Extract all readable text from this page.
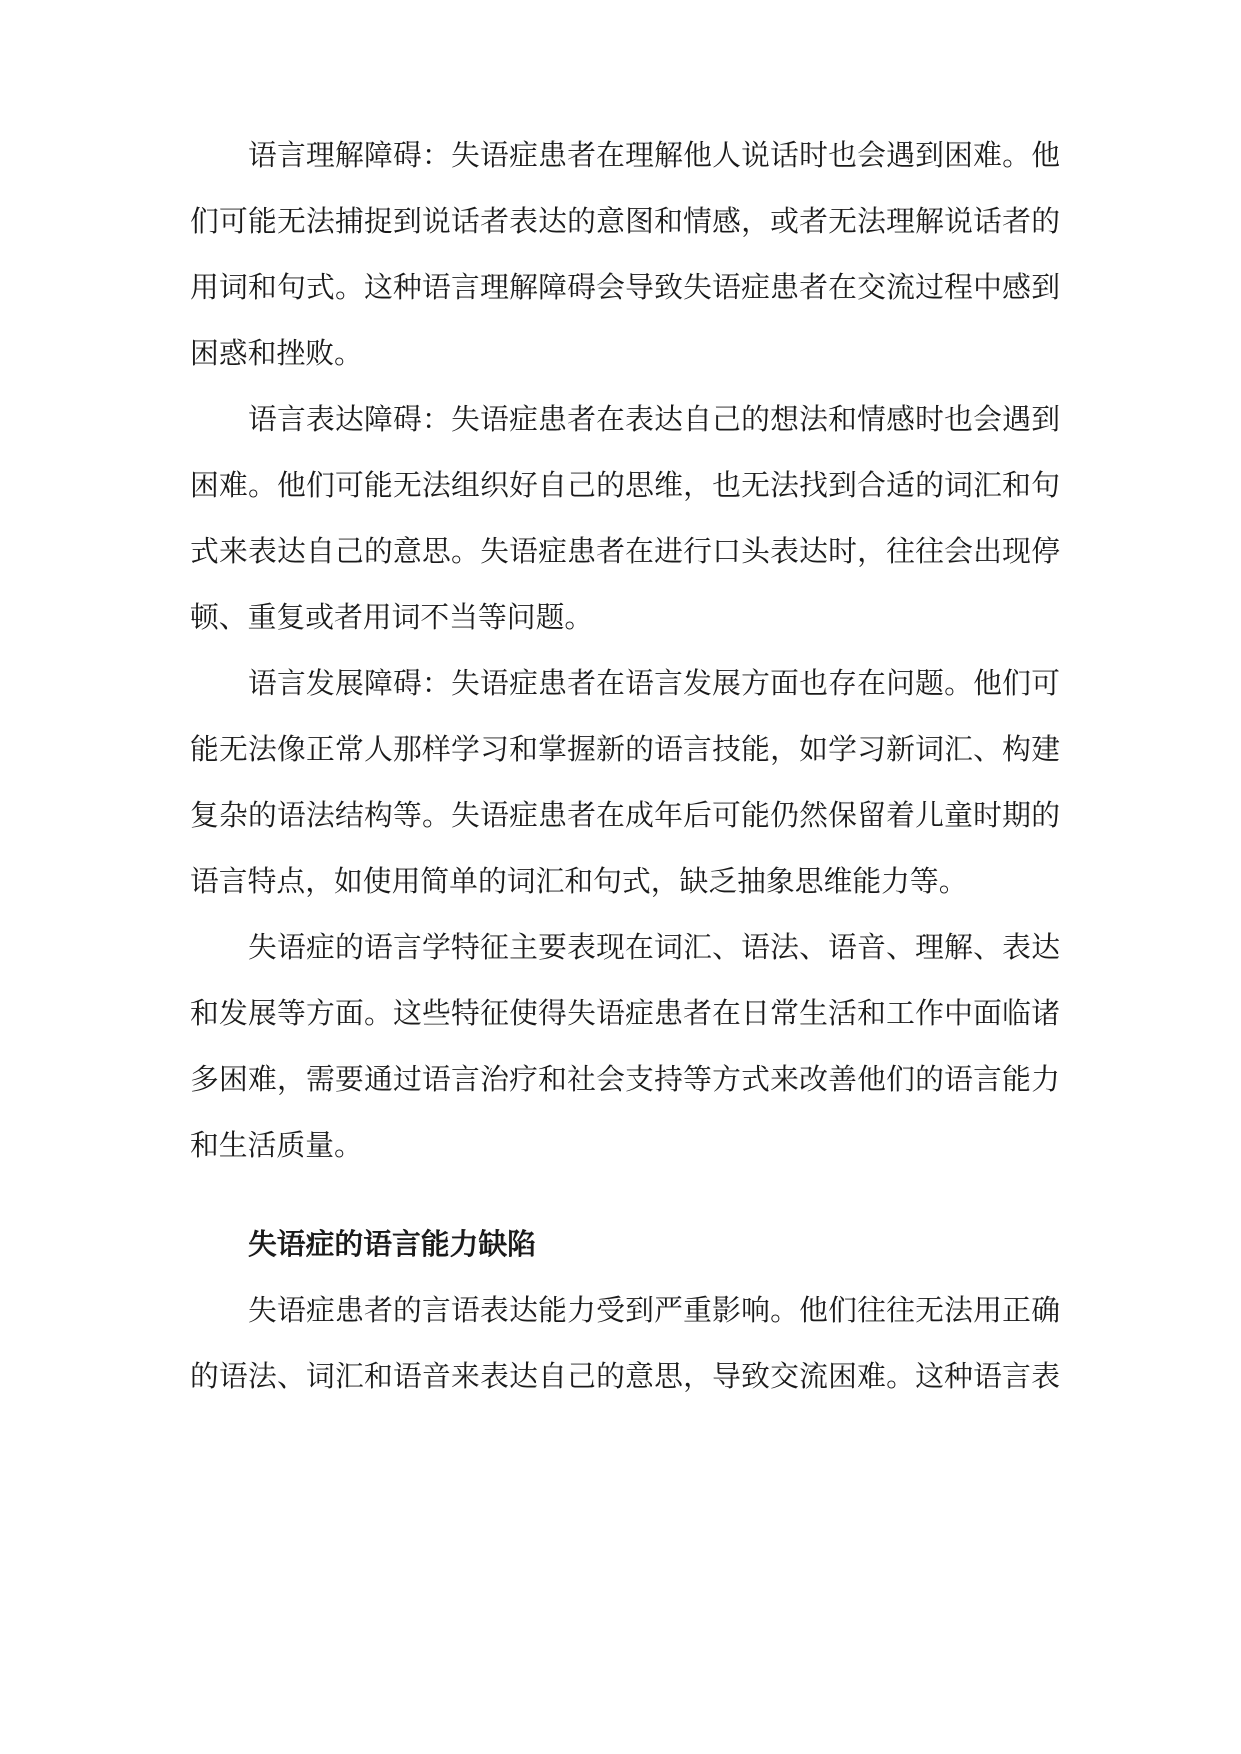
语言理解障碍：失语症患者在理解他人说话时也会遇到困难。他
们可能无法捕捉到说话者表达的意图和情感，或者无法理解说话者的
用词和句式。这种语言理解障碍会导致失语症患者在交流过程中感到
困惑和挫败。
语言表达障碍：失语症患者在表达自己的想法和情感时也会遇到
困难。他们可能无法组织好自己的思维，也无法找到合适的词汇和句
式来表达自己的意思。失语症患者在进行口头表达时，往往会出现停
顿、重复或者用词不当等问题。
语言发展障碍：失语症患者在语言发展方面也存在问题。他们可
能无法像正常人那样学习和掌握新的语言技能，如学习新词汇、构建
复杂的语法结构等。失语症患者在成年后可能仍然保留着儿童时期的
语言特点，如使用简单的词汇和句式，缺乏抽象思维能力等。
失语症的语言学特征主要表现在词汇、语法、语音、理解、表达
和发展等方面。这些特征使得失语症患者在日常生活和工作中面临诸
多困难，需要通过语言治疗和社会支持等方式来改善他们的语言能力
和生活质量。
失语症的语言能力缺陷
失语症患者的言语表达能力受到严重影响。他们往往无法用正确
的语法、词汇和语音来表达自己的意思，导致交流困难。这种语言表
